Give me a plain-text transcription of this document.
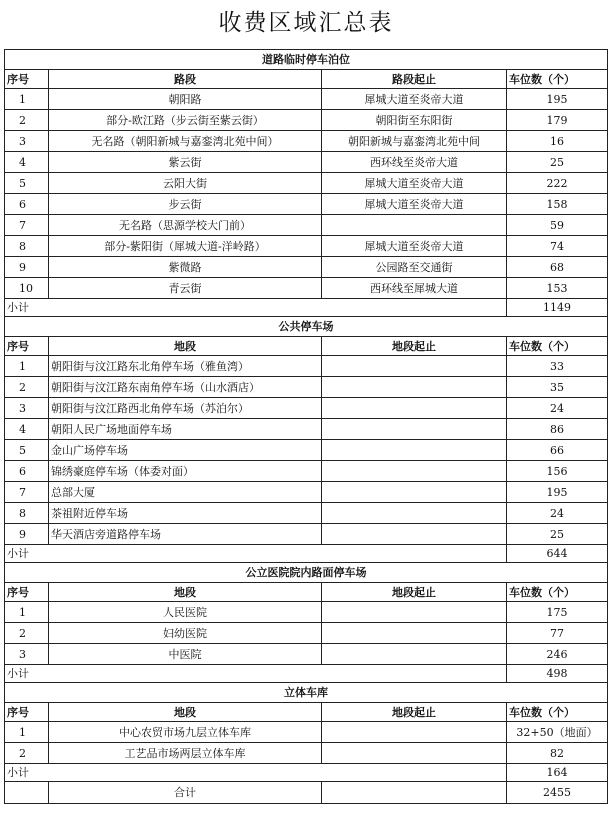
收费区域汇总表
道路临时停车泊位			
序号	路段	路段起止	车位数（个）
1	朝阳路	犀城大道至炎帝大道	195
2	部分-欧江路（步云街至紫云街）	朝阳街至东阳街	179
3	无名路（朝阳新城与嘉銮湾北苑中间）	朝阳新城与嘉銮湾北苑中间	16
4	紫云街	西环线至炎帝大道	25
5	云阳大街	犀城大道至炎帝大道	222
6	步云街	犀城大道至炎帝大道	158
7	无名路（思源学校大门前）		59
8	部分-紫阳街（犀城大道-洋岭路）	犀城大道至炎帝大道	74
9	紫微路	公园路至交通街	68
10	青云街	西环线至犀城大道	153
小计			1149
公共停车场			
序号	地段	地段起止	车位数（个）
1	朝阳街与汶江路东北角停车场（雅鱼湾）		33
2	朝阳街与汶江路东南角停车场（山水酒店）		35
3	朝阳街与汶江路西北角停车场（苏泊尔）		24
4	朝阳人民广场地面停车场		86
5	金山广场停车场		66
6	锦绣豪庭停车场（体委对面）		156
7	总部大厦		195
8	茶祖附近停车场		24
9	华天酒店旁道路停车场		25
小计			644
公立医院院内路面停车场			
序号	地段	地段起止	车位数（个）
1	人民医院		175
2	妇幼医院		77
3	中医院		246
小计			498
立体车库			
序号	地段	地段起止	车位数（个）
1	中心农贸市场九层立体车库		32+50（地面）
2	工艺品市场两层立体车库		82
小计			164
	合计		2455
